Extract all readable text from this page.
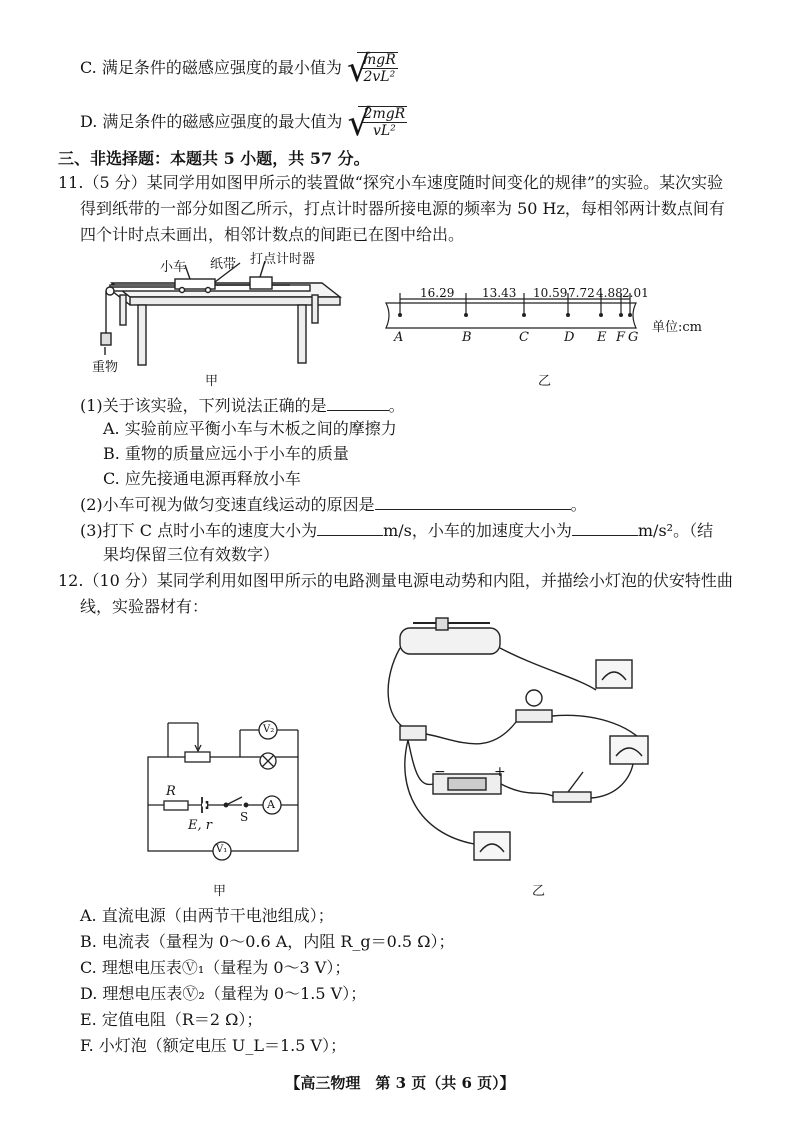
C. 满足条件的磁感应强度的最小值为 √
$\frac{\text{mgR}}{\text{2vL²}}$
D. 满足条件的磁感应强度的最大值为 √
$\frac{\text{2mgR}}{\text{vL²}}$
三、非选择题：本题共 5 小题，共 57 分。
11.（5 分）某同学用如图甲所示的装置做“探究小车速度随时间变化的规律”的实验。某次实验
得到纸带的一部分如图乙所示，打点计时器所接电源的频率为 50 Hz，每相邻两计数点间有
四个计时点未画出，相邻计数点的间距已在图中给出。
小车 纸带 打点计时器
重物
甲
16.29 13.43 10.59 7.72 4.88 2.01
A	B	C	D E F G
单位:cm
乙
(1)关于该实验，下列说法正确的是	。
A. 实验前应平衡小车与木板之间的摩擦力
B. 重物的质量应远小于小车的质量
C. 应先接通电源再释放小车
(2)小车可视为做匀变速直线运动的原因是	。
(3)打下 C 点时小车的速度大小为	m/s，小车的加速度大小为	m/s²。（结
果均保留三位有效数字）
12.（10 分）某同学利用如图甲所示的电路测量电源电动势和内阻，并描绘小灯泡的伏安特性曲
线，实验器材有：
V₂
A
V₁
R
E, r
S
甲
−	+
乙
A. 直流电源（由两节干电池组成）；
B. 电流表（量程为 0～0.6 A，内阻 R_g＝0.5 Ω）；
C. 理想电压表Ⓥ₁（量程为 0～3 V）；
D. 理想电压表Ⓥ₂（量程为 0～1.5 V）；
E. 定值电阻（R＝2 Ω）；
F. 小灯泡（额定电压 U_L＝1.5 V）；
【高三物理　第 3 页（共 6 页）】
